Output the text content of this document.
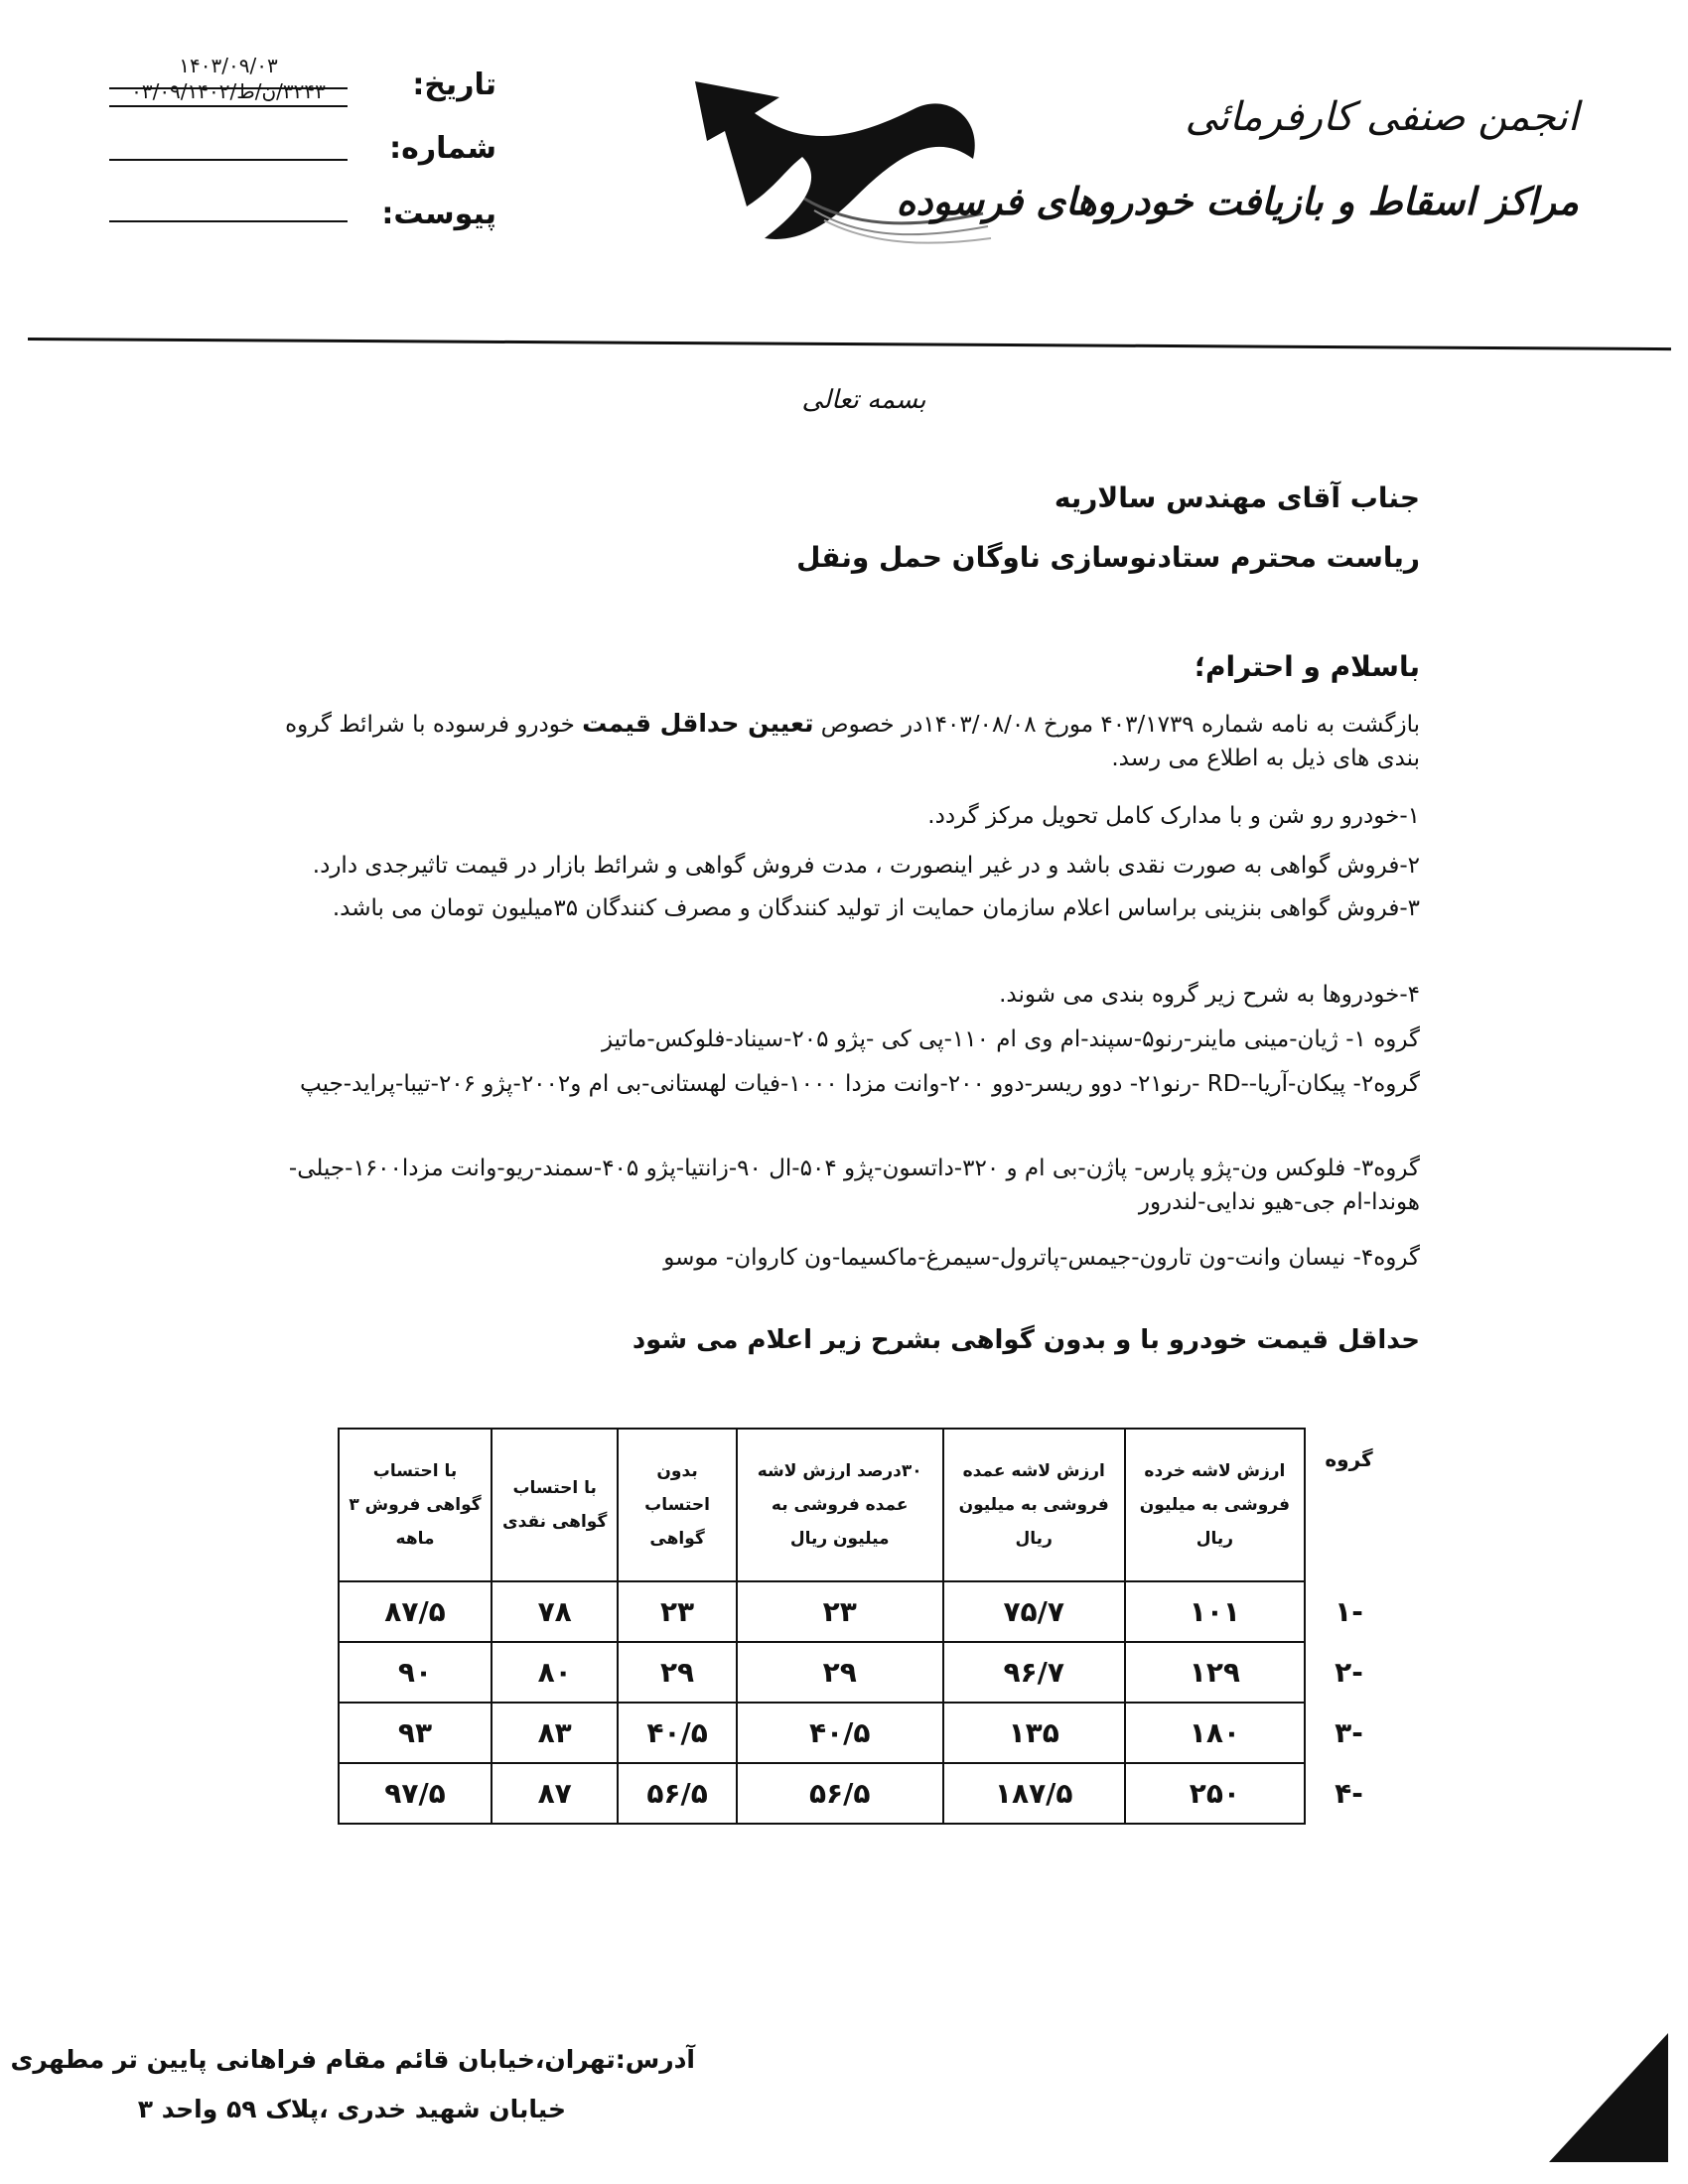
تاریخ:
۱۴۰۳/۰۹/۰۳
۳۲۴۳/ن/ط/۰۳/۰۹/۱۴۰۲
شماره:
پیوست:
انجمن صنفی کارفرمائی
مراکز اسقاط و بازیافت خودروهای فرسوده
بسمه تعالی
جناب آقای مهندس سالاریه
ریاست محترم ستادنوسازی ناوگان حمل ونقل
باسلام و احترام؛
بازگشت به نامه شماره ۴۰۳/۱۷۳۹ مورخ ۱۴۰۳/۰۸/۰۸در خصوص تعیین حداقل قیمت خودرو فرسوده با شرائط گروه بندی های ذیل به اطلاع می رسد.
۱-خودرو رو شن و با مدارک کامل تحویل مرکز گردد.
۲-فروش گواهی به صورت نقدی باشد و در غیر اینصورت ، مدت فروش گواهی و شرائط بازار در قیمت تاثیرجدی دارد.
۳-فروش گواهی بنزینی براساس اعلام سازمان حمایت از تولید کنندگان و مصرف کنندگان ۳۵میلیون تومان می باشد.
۴-خودروها به شرح زیر گروه بندی می شوند.
گروه ۱- ژیان-مینی ماینر-رنو۵-سپند-ام وی ام ۱۱۰-پی کی -پژو ۲۰۵-سیناد-فلوکس-ماتیز
گروه۲- پیکان-آریا--RD -رنو۲۱- دوو ریسر-دوو ۲۰۰-وانت مزدا ۱۰۰۰-فیات لهستانی-بی ام و۲۰۰۲-پژو ۲۰۶-تیبا-پراید-جیپ
گروه۳- فلوکس ون-پژو پارس- پاژن-بی ام و ۳۲۰-داتسون-پژو ۵۰۴-ال ۹۰-زانتیا-پژو ۴۰۵-سمند-ریو-وانت مزدا۱۶۰۰-جیلی-هوندا-ام جی-هیو ندایی-لندرور
گروه۴- نیسان وانت-ون تارون-جیمس-پاترول-سیمرغ-ماکسیما-ون کاروان- موسو
حداقل قیمت خودرو با و بدون گواهی بشرح زیر اعلام می شود
گروه	ارزش لاشه خرده فروشی به میلیون ریال	ارزش لاشه عمده فروشی به میلیون ریال	۳۰درصد ارزش لاشه عمده فروشی به میلیون ریال	بدون احتساب گواهی	با احتساب گواهی نقدی	با احتساب گواهی فروش ۳ ماهه
-۱	۱۰۱	۷۵/۷	۲۳	۲۳	۷۸	۸۷/۵
-۲	۱۲۹	۹۶/۷	۲۹	۲۹	۸۰	۹۰
-۳	۱۸۰	۱۳۵	۴۰/۵	۴۰/۵	۸۳	۹۳
-۴	۲۵۰	۱۸۷/۵	۵۶/۵	۵۶/۵	۸۷	۹۷/۵
آدرس:تهران،خیابان قائم مقام فراهانی پایین تر مطهری
خیابان شهید خدری ،پلاک ۵۹ واحد ۳
